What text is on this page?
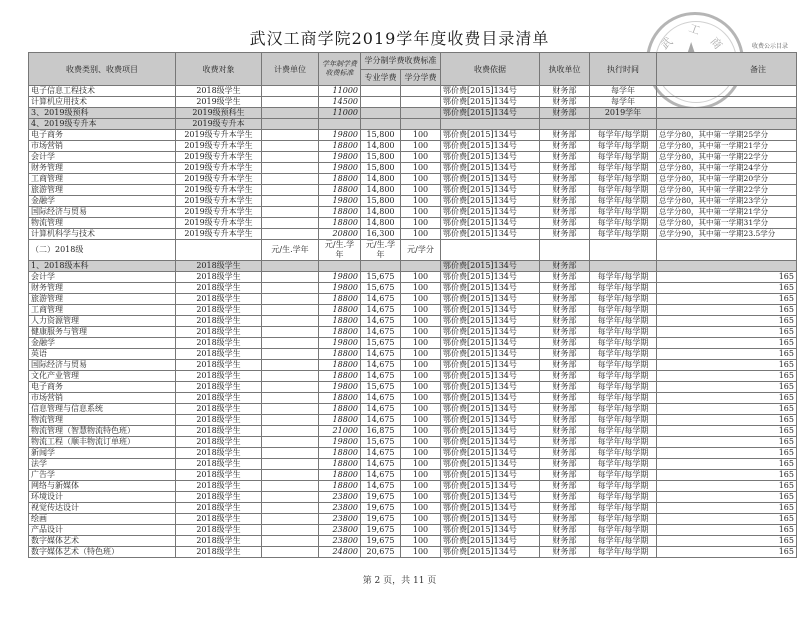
武汉工商学院2019学年度收费目录清单	收费公示目录
工
商
武
收费类别、收费项目	收费对象	计费单位	学年制学费收费标准	学分制学费收费标准		收费依据	执收单位	执行时间	备注
				专业学费	学分学费				
电子信息工程技术	2018级学生		11000			鄂价费[2015]134号	财务部	每学年	
计算机应用技术	2019级学生		14500			鄂价费[2015]134号	财务部	每学年	
3、2019级预科	2019级预科生		11000			鄂价费[2015]134号	财务部	2019学年	
4、2019级专升本	2019级专升本								
电子商务	2019级专升本学生		19800	15,800	100	鄂价费[2015]134号	财务部	每学年/每学期	总学分80，其中第一学期25学分
市场营销	2019级专升本学生		18800	14,800	100	鄂价费[2015]134号	财务部	每学年/每学期	总学分80，其中第一学期21学分
会计学	2019级专升本学生		19800	15,800	100	鄂价费[2015]134号	财务部	每学年/每学期	总学分80，其中第一学期22学分
财务管理	2019级专升本学生		19800	15,800	100	鄂价费[2015]134号	财务部	每学年/每学期	总学分80，其中第一学期24学分
工商管理	2019级专升本学生		18800	14,800	100	鄂价费[2015]134号	财务部	每学年/每学期	总学分80，其中第一学期20学分
旅游管理	2019级专升本学生		18800	14,800	100	鄂价费[2015]134号	财务部	每学年/每学期	总学分80，其中第一学期22学分
金融学	2019级专升本学生		19800	15,800	100	鄂价费[2015]134号	财务部	每学年/每学期	总学分80，其中第一学期23学分
国际经济与贸易	2019级专升本学生		18800	14,800	100	鄂价费[2015]134号	财务部	每学年/每学期	总学分80，其中第一学期21学分
物流管理	2019级专升本学生		18800	14,800	100	鄂价费[2015]134号	财务部	每学年/每学期	总学分80，其中第一学期31学分
计算机科学与技术	2019级专升本学生		20800	16,300	100	鄂价费[2015]134号	财务部	每学年/每学期	总学分90，其中第一学期23.5学分
（二）2018级		元/生.学年	元/生.学年	元/生.学年	元/学分				
1、2018级本科	2018级学生					鄂价费[2015]134号	财务部		
会计学	2018级学生		19800	15,675	100	鄂价费[2015]134号	财务部	每学年/每学期	165
财务管理	2018级学生		19800	15,675	100	鄂价费[2015]134号	财务部	每学年/每学期	165
旅游管理	2018级学生		18800	14,675	100	鄂价费[2015]134号	财务部	每学年/每学期	165
工商管理	2018级学生		18800	14,675	100	鄂价费[2015]134号	财务部	每学年/每学期	165
人力资源管理	2018级学生		18800	14,675	100	鄂价费[2015]134号	财务部	每学年/每学期	165
健康服务与管理	2018级学生		18800	14,675	100	鄂价费[2015]134号	财务部	每学年/每学期	165
金融学	2018级学生		19800	15,675	100	鄂价费[2015]134号	财务部	每学年/每学期	165
英语	2018级学生		18800	14,675	100	鄂价费[2015]134号	财务部	每学年/每学期	165
国际经济与贸易	2018级学生		18800	14,675	100	鄂价费[2015]134号	财务部	每学年/每学期	165
文化产业管理	2018级学生		18800	14,675	100	鄂价费[2015]134号	财务部	每学年/每学期	165
电子商务	2018级学生		19800	15,675	100	鄂价费[2015]134号	财务部	每学年/每学期	165
市场营销	2018级学生		18800	14,675	100	鄂价费[2015]134号	财务部	每学年/每学期	165
信息管理与信息系统	2018级学生		18800	14,675	100	鄂价费[2015]134号	财务部	每学年/每学期	165
物流管理	2018级学生		18800	14,675	100	鄂价费[2015]134号	财务部	每学年/每学期	165
物流管理（智慧物流特色班）	2018级学生		21000	16,875	100	鄂价费[2015]134号	财务部	每学年/每学期	165
物流工程（顺丰物流订单班）	2018级学生		19800	15,675	100	鄂价费[2015]134号	财务部	每学年/每学期	165
新闻学	2018级学生		18800	14,675	100	鄂价费[2015]134号	财务部	每学年/每学期	165
法学	2018级学生		18800	14,675	100	鄂价费[2015]134号	财务部	每学年/每学期	165
广告学	2018级学生		18800	14,675	100	鄂价费[2015]134号	财务部	每学年/每学期	165
网络与新媒体	2018级学生		18800	14,675	100	鄂价费[2015]134号	财务部	每学年/每学期	165
环境设计	2018级学生		23800	19,675	100	鄂价费[2015]134号	财务部	每学年/每学期	165
视觉传达设计	2018级学生		23800	19,675	100	鄂价费[2015]134号	财务部	每学年/每学期	165
绘画	2018级学生		23800	19,675	100	鄂价费[2015]134号	财务部	每学年/每学期	165
产品设计	2018级学生		23800	19,675	100	鄂价费[2015]134号	财务部	每学年/每学期	165
数字媒体艺术	2018级学生		23800	19,675	100	鄂价费[2015]134号	财务部	每学年/每学期	165
数字媒体艺术（特色班）	2018级学生		24800	20,675	100	鄂价费[2015]134号	财务部	每学年/每学期	165
第 2 页，共 11 页
